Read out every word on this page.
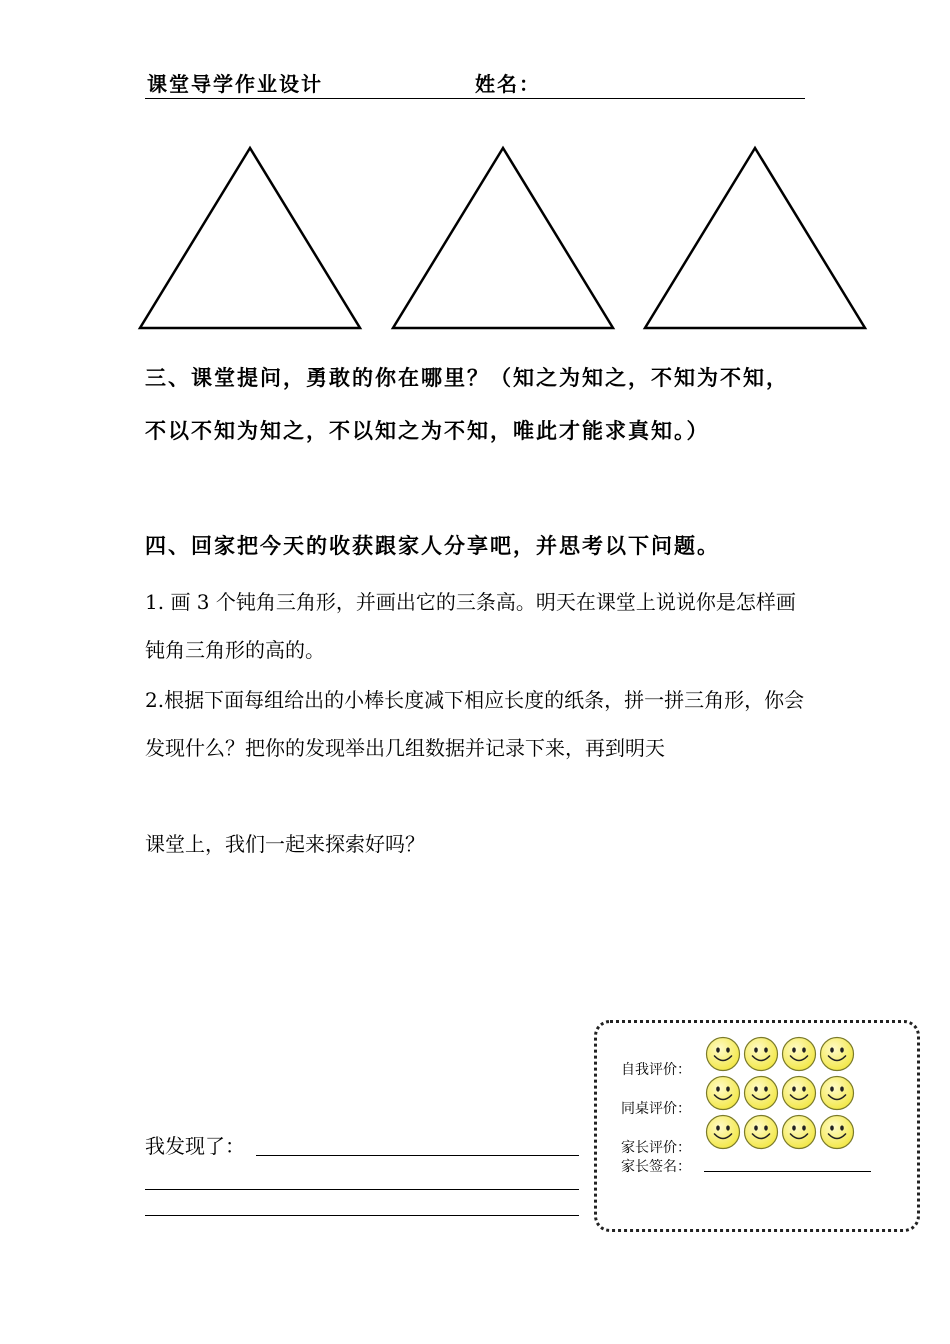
课堂导学作业设计	姓名：
三、课堂提问，勇敢的你在哪里？（知之为知之，不知为不知，不以不知为知之，不以知之为不知，唯此才能求真知。）
四、回家把今天的收获跟家人分享吧，并思考以下问题。
1. 画 3 个钝角三角形，并画出它的三条高。明天在课堂上说说你是怎样画钝角三角形的高的。
2.根据下面每组给出的小棒长度减下相应长度的纸条，拼一拼三角形，你会发现什么？把你的发现举出几组数据并记录下来，再到明天
课堂上，我们一起来探索好吗？
我发现了：
自我评价：
同桌评价：
家长评价：
家长签名：
